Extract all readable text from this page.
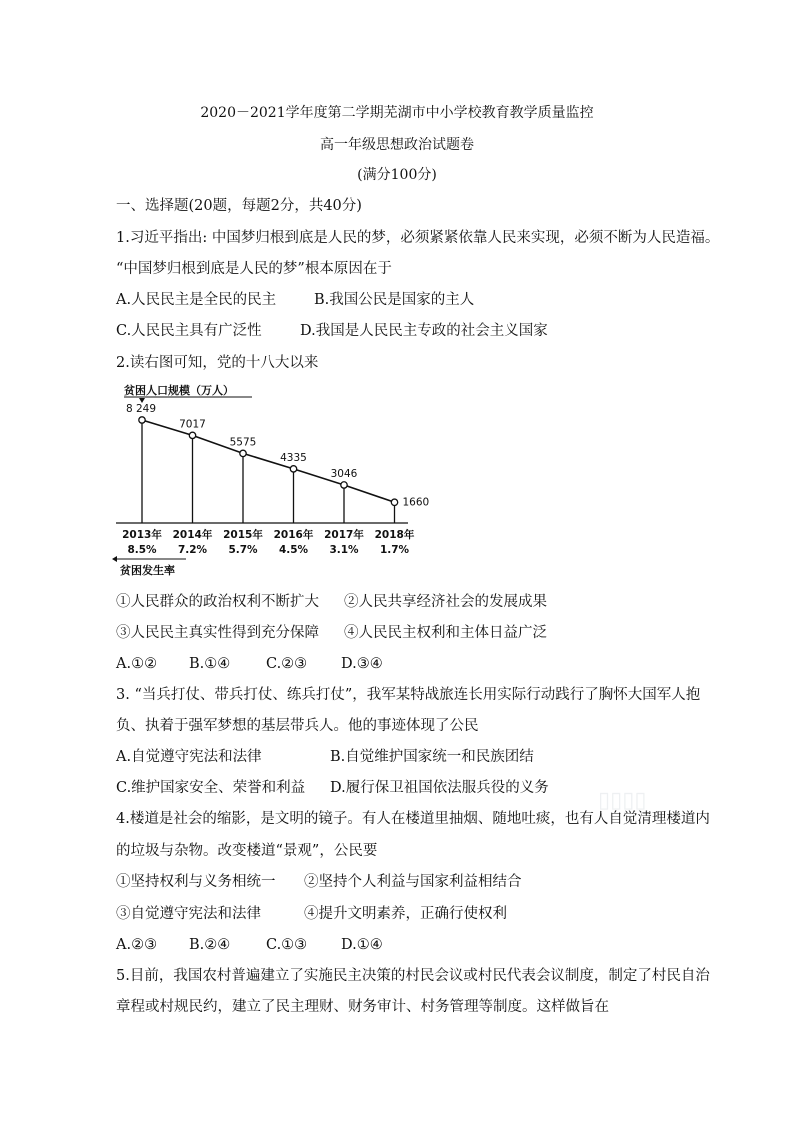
2020－2021学年度第二学期芜湖市中小学校教育教学质量监控
高一年级思想政治试题卷
(满分100分)
一、选择题(20题，每题2分，共40分)
1.习近平指出: 中国梦归根到底是人民的梦，必须紧紧依靠人民来实现，必须不断为人民造福。
“中国梦归根到底是人民的梦”根本原因在于
A.人民民主是全民的民主	B.我国公民是国家的主人
C.人民民主具有广泛性	D.我国是人民民主专政的社会主义国家
2.读右图可知，党的十八大以来
贫困人口规模（万人）
8 249
7017
5575
4335
3046
1660
2013年
8.5%
2014年
7.2%
2015年
5.7%
2016年
4.5%
2017年
3.1%
2018年
1.7%
贫困发生率
①人民群众的政治权利不断扩大 ②人民共享经济社会的发展成果
③人民民主真实性得到充分保障 ④人民民主权利和主体日益广泛
A.①② B.①④ C.②③ D.③④
3. “当兵打仗、带兵打仗、练兵打仗”，我军某特战旅连长用实际行动践行了胸怀大国军人抱
负、执着于强军梦想的基层带兵人。他的事迹体现了公民
A.自觉遵守宪法和法律	B.自觉维护国家统一和民族团结
C.维护国家安全、荣誉和利益 D.履行保卫祖国依法服兵役的义务 ▯▯▯▯
4.楼道是社会的缩影，是文明的镜子。有人在楼道里抽烟、随地吐痰，也有人自觉清理楼道内
的垃圾与杂物。改变楼道“景观”，公民要
①坚持权利与义务相统一 ②坚持个人利益与国家利益相结合
③自觉遵守宪法和法律	④提升文明素养，正确行使权利
A.②③ B.②④ C.①③ D.①④
5.目前，我国农村普遍建立了实施民主决策的村民会议或村民代表会议制度，制定了村民自治
章程或村规民约，建立了民主理财、财务审计、村务管理等制度。这样做旨在
